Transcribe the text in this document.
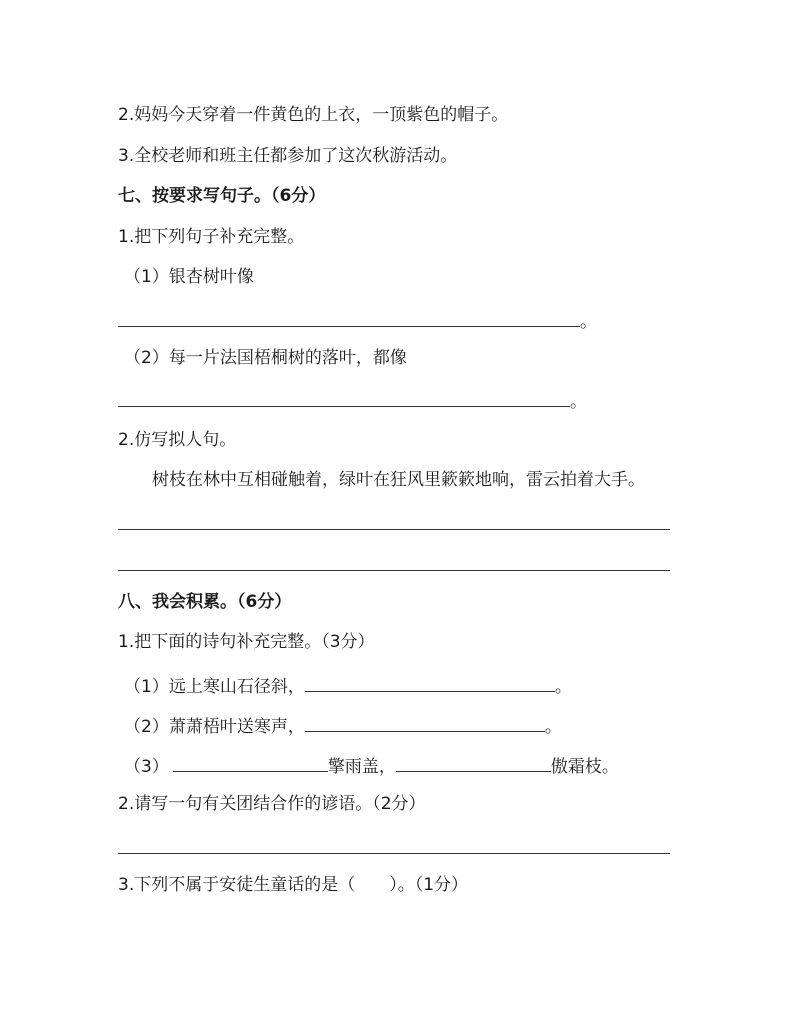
2.妈妈今天穿着一件黄色的上衣，一顶紫色的帽子。
3.全校老师和班主任都参加了这次秋游活动。
七、按要求写句子。（6分）
1.把下列句子补充完整。
（1）银杏树叶像
。
（2）每一片法国梧桐树的落叶，都像
。
2.仿写拟人句。
树枝在林中互相碰触着，绿叶在狂风里簌簌地响，雷云拍着大手。
八、我会积累。（6分）
1.把下面的诗句补充完整。（3分）
（1）远上寒山石径斜，	。
（2）萧萧梧叶送寒声，	。
（3）	擎雨盖，	傲霜枝。
2.请写一句有关团结合作的谚语。（2分）
3.下列不属于安徒生童话的是（　　）。（1分）
